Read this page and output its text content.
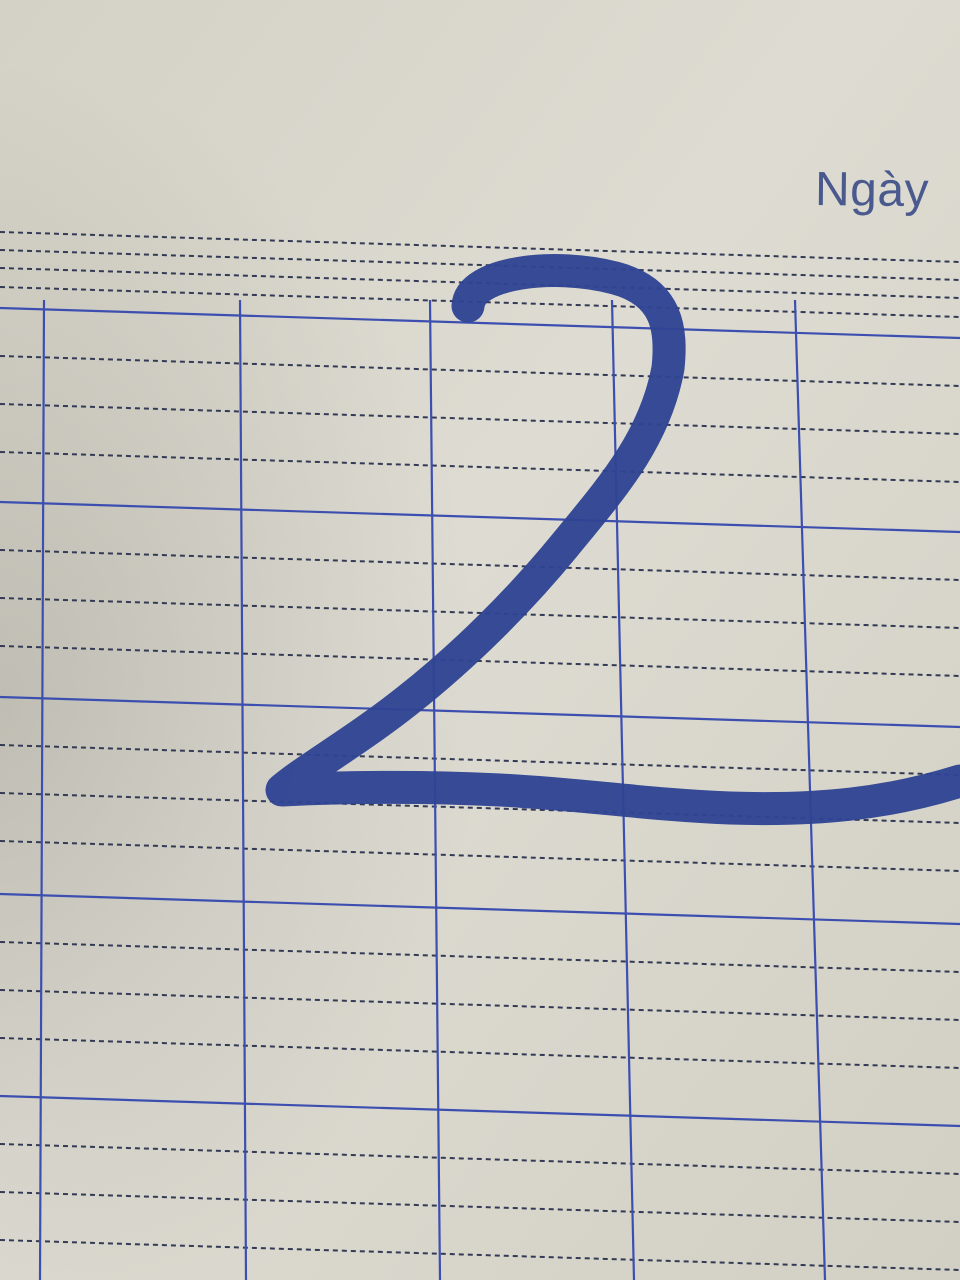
Ngày
